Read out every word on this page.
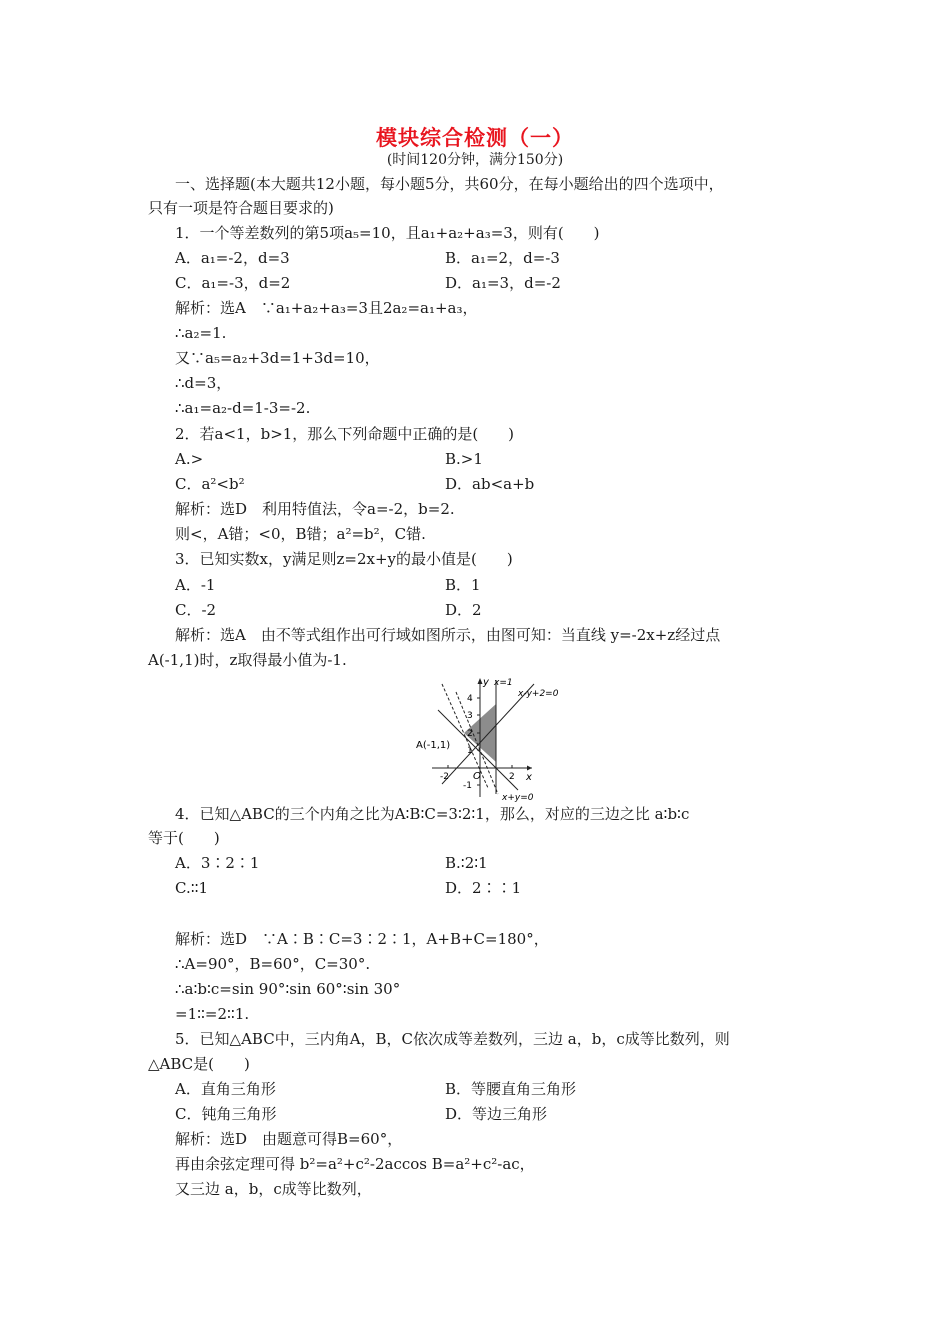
模块综合检测（一）
(时间120分钟，满分150分)
一、选择题(本大题共12小题，每小题5分，共60分，在每小题给出的四个选项中，
只有一项是符合题目要求的)
1．一个等差数列的第5项a₅=10，且a₁+a₂+a₃=3，则有(　　)
A．a₁=-2，d=3	B．a₁=2，d=-3
C．a₁=-3，d=2	D．a₁=3，d=-2
解析：选A　∵a₁+a₂+a₃=3且2a₂=a₁+a₃，
∴a₂=1.
又∵a₅=a₂+3d=1+3d=10，
∴d=3，
∴a₁=a₂-d=1-3=-2.
2．若a<1，b>1，那么下列命题中正确的是(　　)
A.>	B.>1
C．a²<b²	D．ab<a+b
解析：选D　利用特值法，令a=-2，b=2.
则<，A错；<0，B错；a²=b²，C错.
3．已知实数x，y满足则z=2x+y的最小值是(　　)
A．-1	B．1
C．-2	D．2
解析：选A　由不等式组作出可行域如图所示，由图可知：当直线 y=-2x+z经过点
A(-1,1)时，z取得最小值为-1.
y x=1
x-y+2=0
A(-1,1)
O	x
x+y=0
4
3
2
1
-1
-2	2
4．已知△ABC的三个内角之比为A∶B∶C=3∶2∶1，那么，对应的三边之比 a∶b∶c
等于(　　)
A．3∶2∶1	B.∶2∶1
C.∶∶1	D．2∶∶1
解析：选D　∵A∶B∶C=3∶2∶1，A+B+C=180°，
∴A=90°，B=60°，C=30°.
∴a∶b∶c=sin 90°∶sin 60°∶sin 30°
=1∶∶=2∶∶1.
5．已知△ABC中，三内角A，B，C依次成等差数列，三边 a，b，c成等比数列，则
△ABC是(　　)
A．直角三角形	B．等腰直角三角形
C．钝角三角形	D．等边三角形
解析：选D　由题意可得B=60°，
再由余弦定理可得 b²=a²+c²-2accos B=a²+c²-ac，
又三边 a，b，c成等比数列，
